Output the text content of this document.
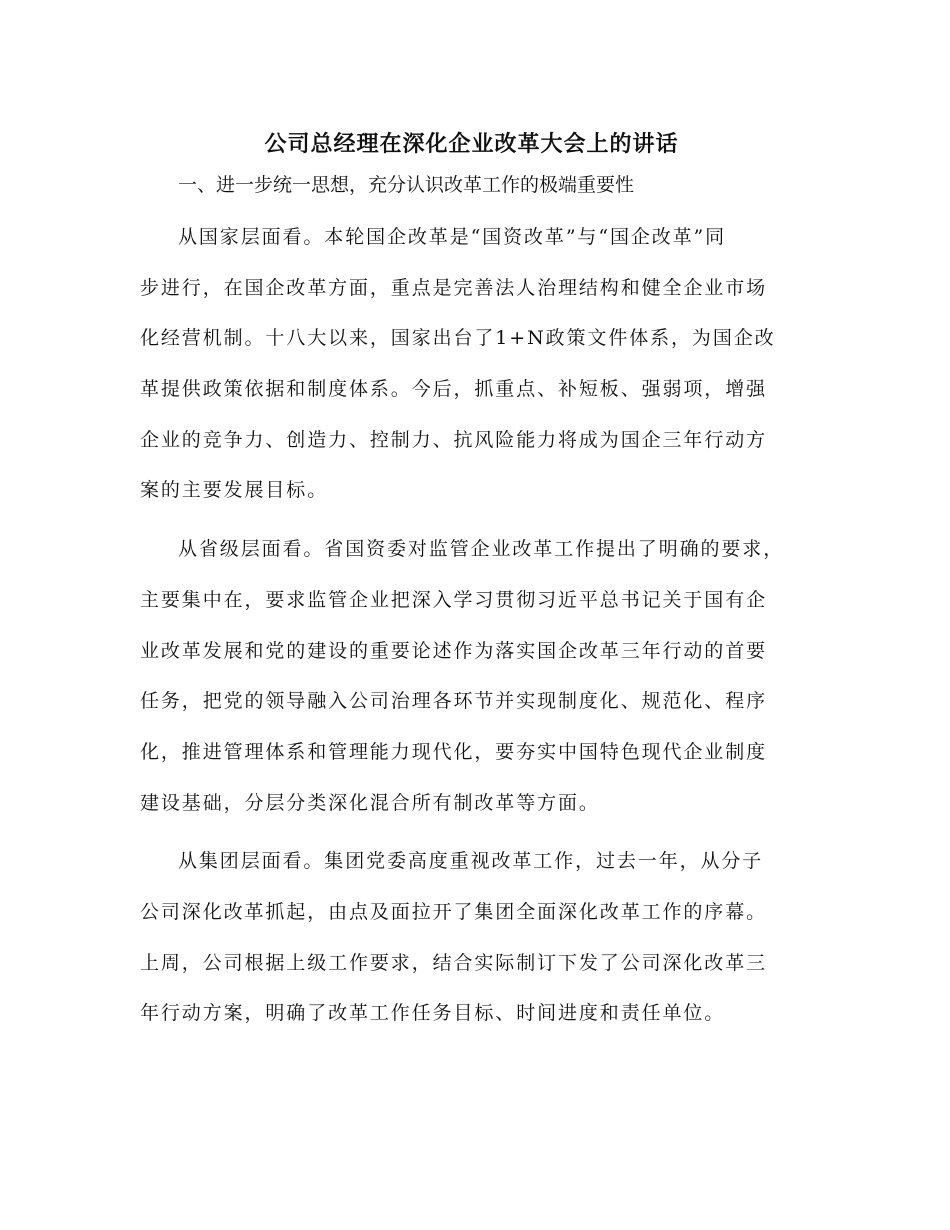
公司总经理在深化企业改革大会上的讲话

一、进一步统一思想，充分认识改革工作的极端重要性

从国家层面看。本轮国企改革是“国资改革”与“国企改革”同
步进行，在国企改革方面，重点是完善法人治理结构和健全企业市场
化经营机制。十八大以来，国家出台了1+N政策文件体系，为国企改
革提供政策依据和制度体系。今后，抓重点、补短板、强弱项，增强
企业的竞争力、创造力、控制力、抗风险能力将成为国企三年行动方
案的主要发展目标。

从省级层面看。省国资委对监管企业改革工作提出了明确的要求，
主要集中在，要求监管企业把深入学习贯彻习近平总书记关于国有企
业改革发展和党的建设的重要论述作为落实国企改革三年行动的首要
任务，把党的领导融入公司治理各环节并实现制度化、规范化、程序
化，推进管理体系和管理能力现代化，要夯实中国特色现代企业制度
建设基础，分层分类深化混合所有制改革等方面。

从集团层面看。集团党委高度重视改革工作，过去一年，从分子
公司深化改革抓起，由点及面拉开了集团全面深化改革工作的序幕。
上周，公司根据上级工作要求，结合实际制订下发了公司深化改革三
年行动方案，明确了改革工作任务目标、时间进度和责任单位。
